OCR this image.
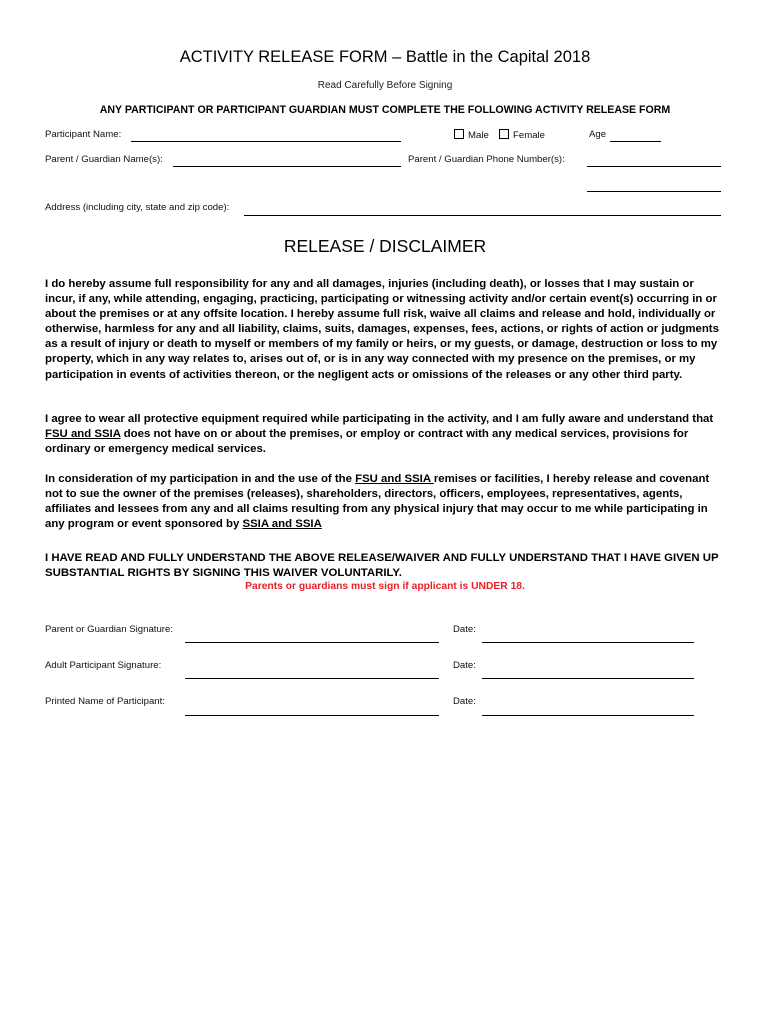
ACTIVITY RELEASE FORM – Battle in the Capital 2018
Read Carefully Before Signing
ANY PARTICIPANT OR PARTICIPANT GUARDIAN MUST COMPLETE THE FOLLOWING ACTIVITY RELEASE FORM
Participant Name:	Male	Female	Age
Parent / Guardian Name(s):	Parent / Guardian Phone Number(s):
Address (including city, state and zip code):
RELEASE / DISCLAIMER
I do hereby assume full responsibility for any and all damages, injuries (including death), or losses that I may sustain or incur, if any, while attending, engaging, practicing, participating or witnessing activity and/or certain event(s) occurring in or about the premises or at any offsite location. I hereby assume full risk, waive all claims and release and hold, individually or otherwise, harmless for any and all liability, claims, suits, damages, expenses, fees, actions, or rights of action or judgments as a result of injury or death to myself or members of my family or heirs, or my guests, or damage, destruction or loss to my property, which in any way relates to, arises out of, or is in any way connected with my presence on the premises, or my participation in events of activities thereon, or the negligent acts or omissions of the releases or any other third party.
I agree to wear all protective equipment required while participating in the activity, and I am fully aware and understand that FSU and SSIA does not have on or about the premises, or employ or contract with any medical services, provisions for ordinary or emergency medical services.
In consideration of my participation in and the use of the FSU and SSIA remises or facilities, I hereby release and covenant not to sue the owner of the premises (releases), shareholders, directors, officers, employees, representatives, agents, affiliates and lessees from any and all claims resulting from any physical injury that may occur to me while participating in any program or event sponsored by SSIA and SSIA
I HAVE READ AND FULLY UNDERSTAND THE ABOVE RELEASE/WAIVER AND FULLY UNDERSTAND THAT I HAVE GIVEN UP SUBSTANTIAL RIGHTS BY SIGNING THIS WAIVER VOLUNTARILY.
Parents or guardians must sign if applicant is UNDER 18.
Parent or Guardian Signature:	Date:
Adult Participant Signature:	Date:
Printed Name of Participant:	Date:
